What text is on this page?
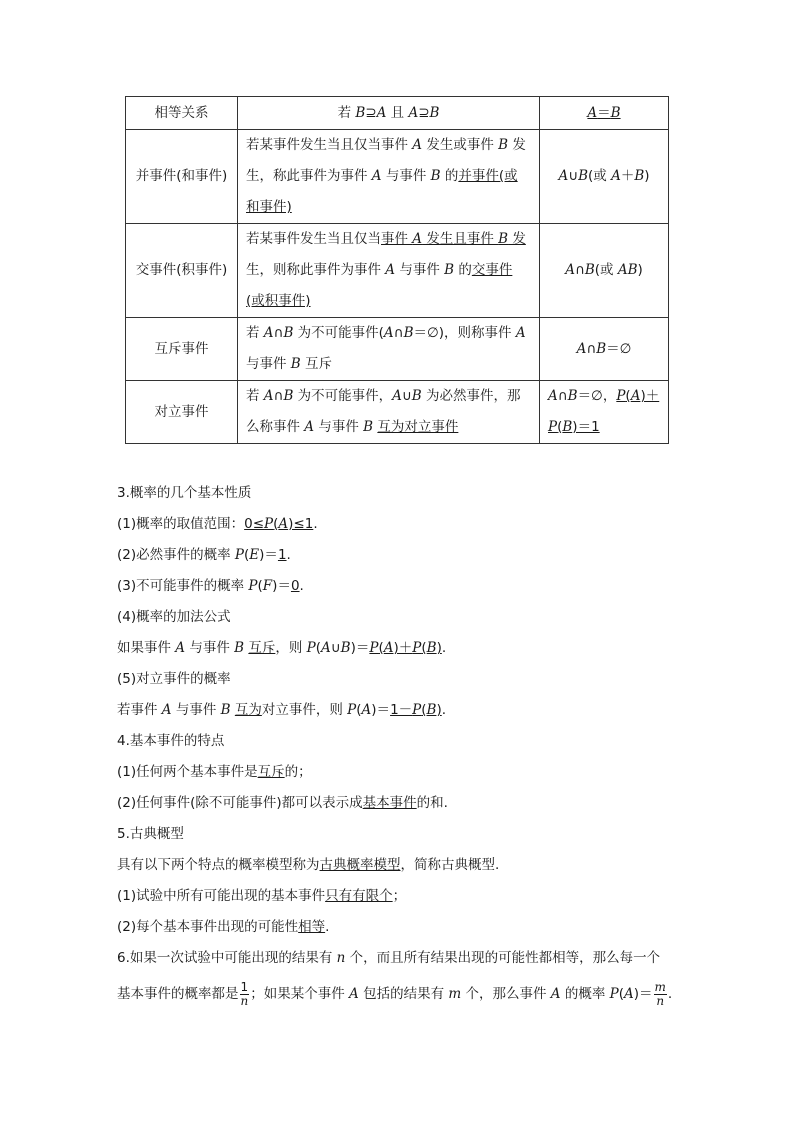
相等关系	若 B⊇A 且 A⊇B	A＝B
并事件(和事件)	若某事件发生当且仅当事件 A 发生或事件 B 发生，称此事件为事件 A 与事件 B 的并事件(或和事件)	A∪B(或 A＋B)
交事件(积事件)	若某事件发生当且仅当事件 A 发生且事件 B 发生，则称此事件为事件 A 与事件 B 的交事件(或积事件)	A∩B(或 AB)
互斥事件	若 A∩B 为不可能事件(A∩B＝∅)，则称事件 A 与事件 B 互斥	A∩B＝∅
对立事件	若 A∩B 为不可能事件，A∪B 为必然事件，那么称事件 A 与事件 B 互为对立事件	A∩B＝∅，P(A)＋P(B)＝1
3.概率的几个基本性质
(1)概率的取值范围：0≤P(A)≤1.
(2)必然事件的概率 P(E)＝1.
(3)不可能事件的概率 P(F)＝0.
(4)概率的加法公式
如果事件 A 与事件 B 互斥，则 P(A∪B)＝P(A)＋P(B).
(5)对立事件的概率
若事件 A 与事件 B 互为对立事件，则 P(A)＝1－P(B).
4.基本事件的特点
(1)任何两个基本事件是互斥的；
(2)任何事件(除不可能事件)都可以表示成基本事件的和.
5.古典概型
具有以下两个特点的概率模型称为古典概率模型，简称古典概型.
(1)试验中所有可能出现的基本事件只有有限个；
(2)每个基本事件出现的可能性相等.
6.如果一次试验中可能出现的结果有 n 个，而且所有结果出现的可能性都相等，那么每一个
基本事件的概率都是 $\frac{1}{n}$ ；如果某个事件 A 包括的结果有 m 个，那么事件 A 的概率 $P(A)= \frac{m}{n}$ .
